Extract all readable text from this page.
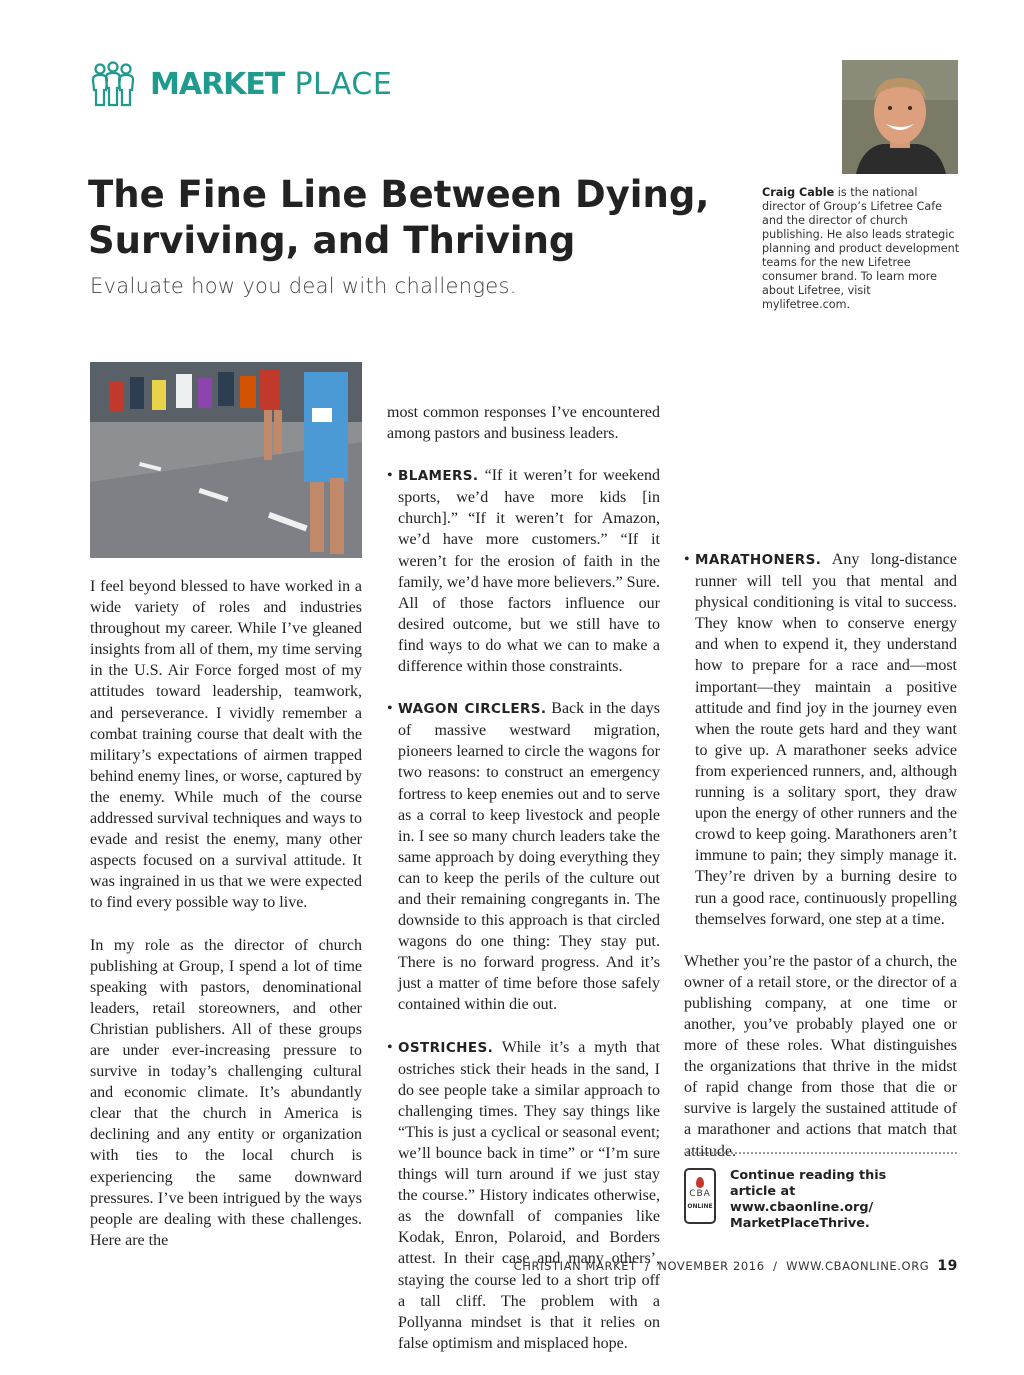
MARKET PLACE
The Fine Line Between Dying, Surviving, and Thriving
Evaluate how you deal with challenges.
Craig Cable is the national director of Group’s Lifetree Cafe and the director of church publishing. He also leads strategic planning and product development teams for the new Lifetree consumer brand. To learn more about Lifetree, visit mylifetree.com.

I feel beyond blessed to have worked in a wide variety of roles and industries throughout my career. While I’ve gleaned insights from all of them, my time serving in the U.S. Air Force forged most of my attitudes toward leadership, teamwork, and perseverance. I vividly remember a combat training course that dealt with the military’s expectations of airmen trapped behind enemy lines, or worse, captured by the enemy. While much of the course addressed survival techniques and ways to evade and resist the enemy, many other aspects focused on a survival attitude. It was ingrained in us that we were expected to find every possible way to live.

In my role as the director of church publishing at Group, I spend a lot of time speaking with pastors, denominational leaders, retail storeowners, and other Christian publishers. All of these groups are under ever-increasing pressure to survive in today’s challenging cultural and economic climate. It’s abundantly clear that the church in America is declining and any entity or organization with ties to the local church is experiencing the same downward pressures. I’ve been intrigued by the ways people are dealing with these challenges. Here are the

most common responses I’ve encountered among pastors and business leaders.

• BLAMERS. “If it weren’t for weekend sports, we’d have more kids [in church].” “If it weren’t for Amazon, we’d have more customers.” “If it weren’t for the erosion of faith in the family, we’d have more believers.” Sure. All of those factors influence our desired outcome, but we still have to find ways to do what we can to make a difference within those constraints.

• WAGON CIRCLERS. Back in the days of massive westward migration, pioneers learned to circle the wagons for two reasons: to construct an emergency fortress to keep enemies out and to serve as a corral to keep livestock and people in. I see so many church leaders take the same approach by doing everything they can to keep the perils of the culture out and their remaining congregants in. The downside to this approach is that circled wagons do one thing: They stay put. There is no forward progress. And it’s just a matter of time before those safely contained within die out.

• OSTRICHES. While it’s a myth that ostriches stick their heads in the sand, I do see people take a similar approach to challenging times. They say things like “This is just a cyclical or seasonal event; we’ll bounce back in time” or “I’m sure things will turn around if we just stay the course.” History indicates otherwise, as the downfall of companies like Kodak, Enron, Polaroid, and Borders attest. In their case and many others’, staying the course led to a short trip off a tall cliff. The problem with a Pollyanna mindset is that it relies on false optimism and misplaced hope.

• MARATHONERS. Any long-distance runner will tell you that mental and physical conditioning is vital to success. They know when to conserve energy and when to expend it, they understand how to prepare for a race and—most important—they maintain a positive attitude and find joy in the journey even when the route gets hard and they want to give up. A marathoner seeks advice from experienced runners, and, although running is a solitary sport, they draw upon the energy of other runners and the crowd to keep going. Marathoners aren’t immune to pain; they simply manage it. They’re driven by a burning desire to run a good race, continuously propelling themselves forward, one step at a time.

Whether you’re the pastor of a church, the owner of a retail store, or the director of a publishing company, at one time or another, you’ve probably played one or more of these roles. What distinguishes the organizations that thrive in the midst of rapid change from those that die or survive is largely the sustained attitude of a marathoner and actions that match that attitude.

CBA
ONLINE
Continue reading this article at www.cbaonline.org/ MarketPlaceThrive.
CHRISTIAN MARKET  /  NOVEMBER 2016  /  WWW.CBAONLINE.ORG 19
